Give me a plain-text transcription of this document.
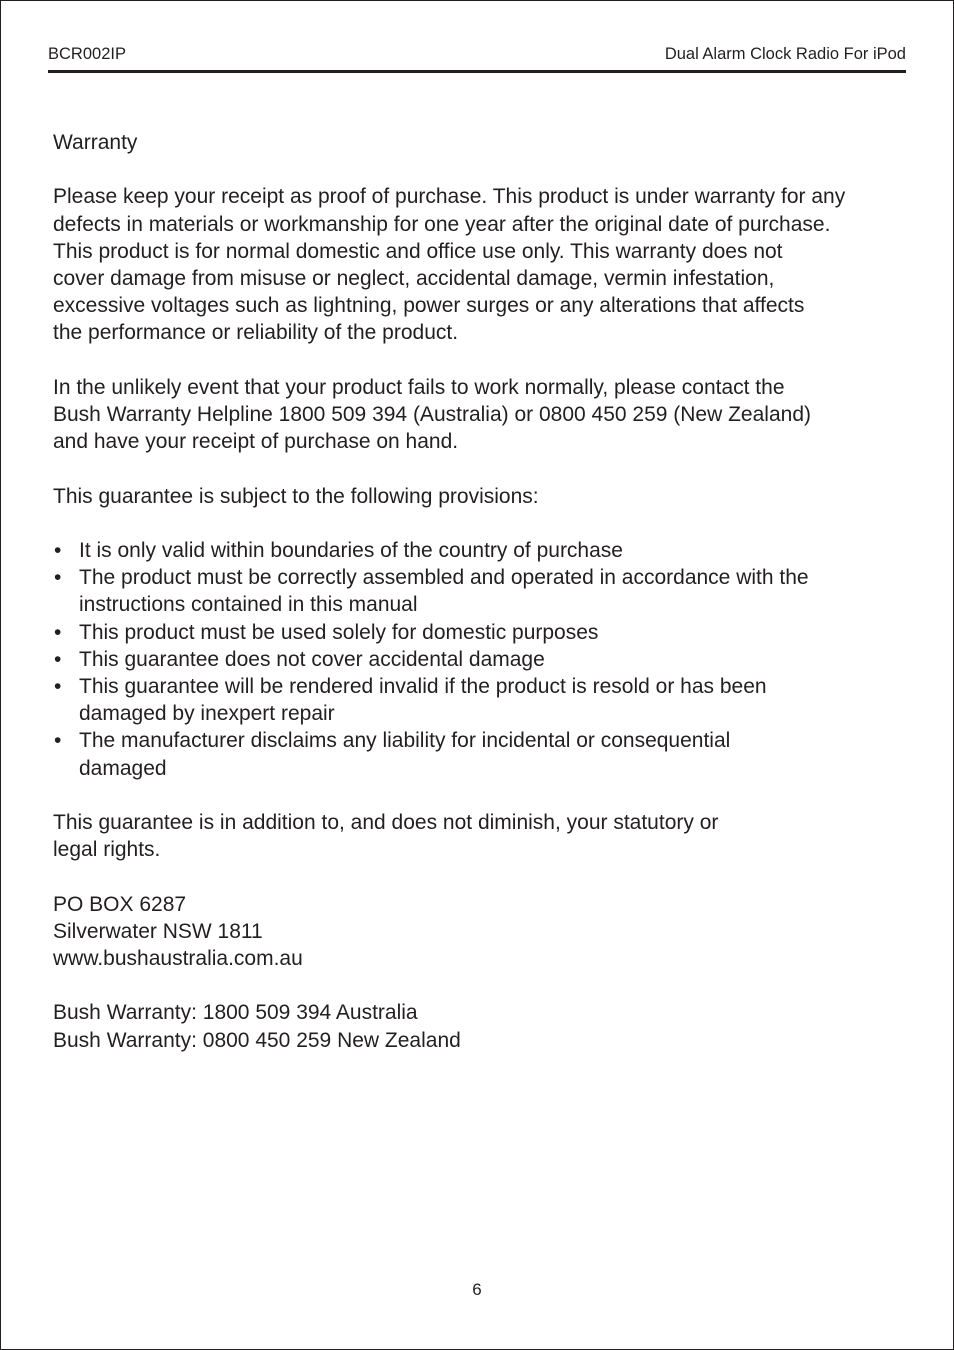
BCR002IP	Dual Alarm Clock Radio For iPod

Warranty

Please keep your receipt as proof of purchase. This product is under warranty for any
defects in materials or workmanship for one year after the original date of purchase.
This product is for normal domestic and office use only. This warranty does not
cover damage from misuse or neglect, accidental damage, vermin infestation,
excessive voltages such as lightning, power surges or any alterations that affects
the performance or reliability of the product.

In the unlikely event that your product fails to work normally, please contact the
Bush Warranty Helpline 1800 509 394 (Australia) or 0800 450 259 (New Zealand)
and have your receipt of purchase on hand.

This guarantee is subject to the following provisions:

• It is only valid within boundaries of the country of purchase
• The product must be correctly assembled and operated in accordance with the
instructions contained in this manual
• This product must be used solely for domestic purposes
• This guarantee does not cover accidental damage
• This guarantee will be rendered invalid if the product is resold or has been
damaged by inexpert repair
• The manufacturer disclaims any liability for incidental or consequential
damaged

This guarantee is in addition to, and does not diminish, your statutory or
legal rights.

PO BOX 6287
Silverwater NSW 1811
www.bushaustralia.com.au

Bush Warranty: 1800 509 394 Australia
Bush Warranty: 0800 450 259 New Zealand

6
